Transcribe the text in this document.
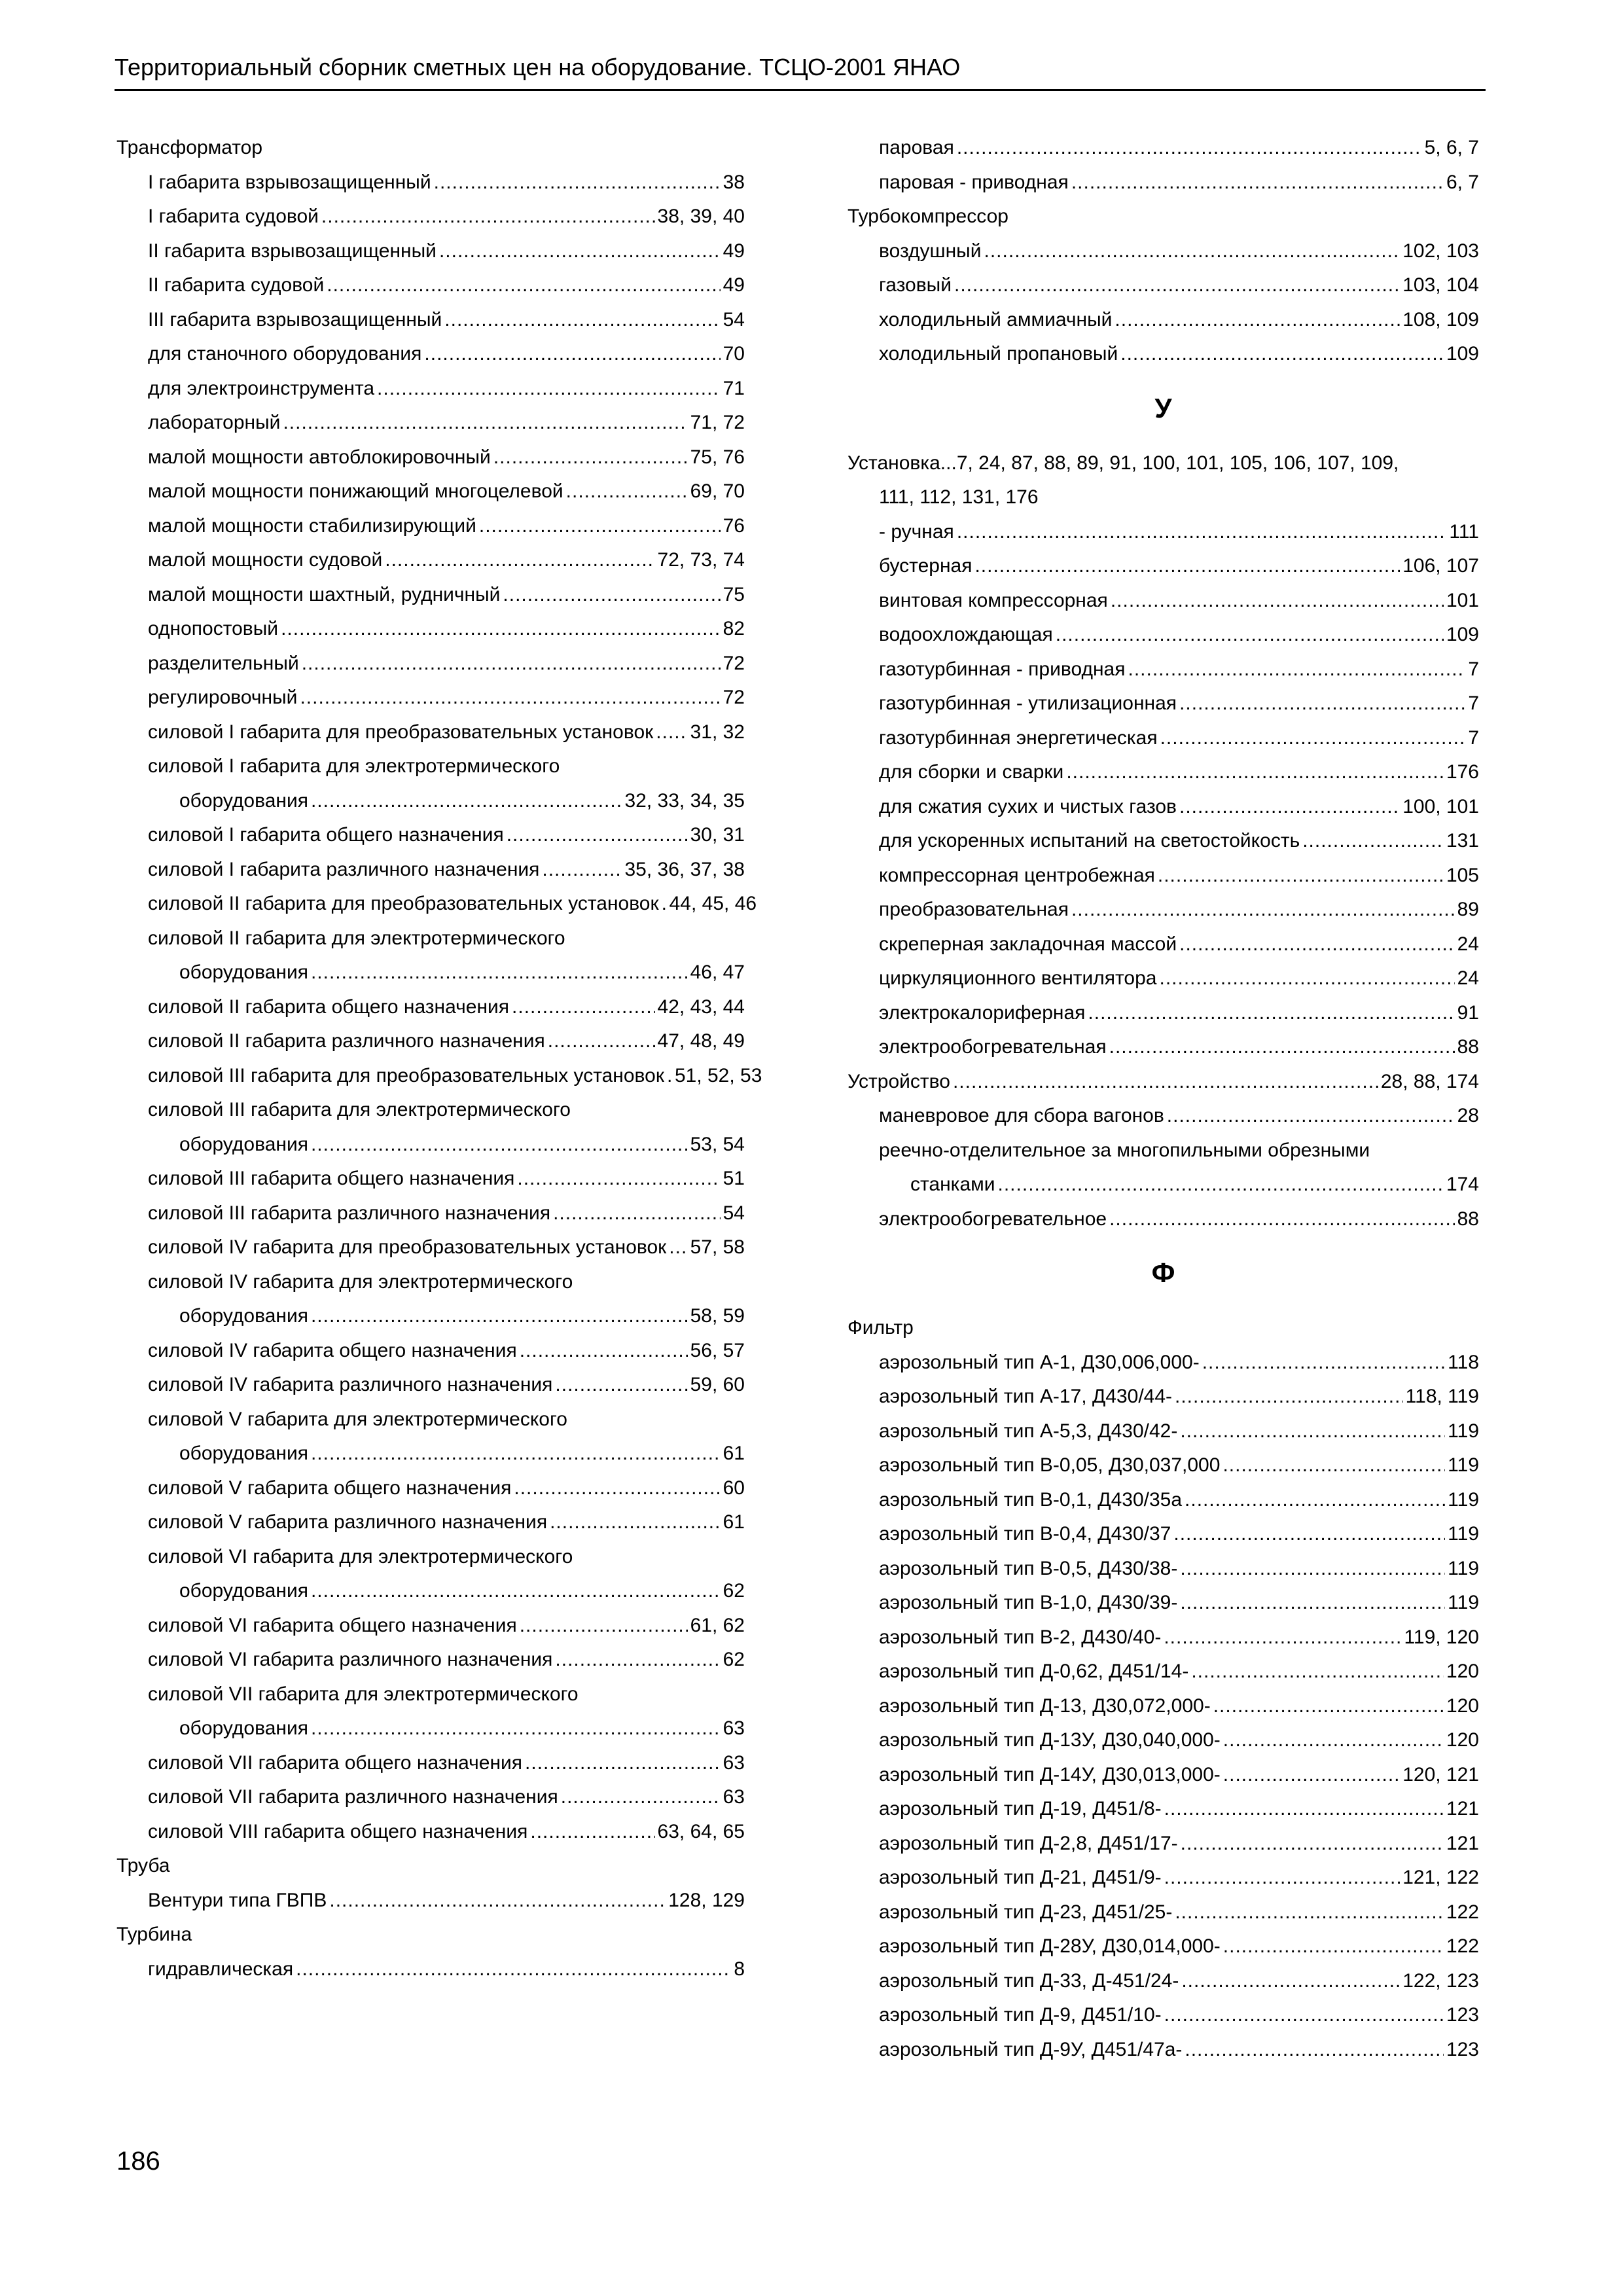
Территориальный сборник сметных цен на оборудование. ТСЦО-2001 ЯНАО
Трансформатор
I габарита взрывозащищенный .....	38
I габарита судовой .....	38, 39, 40
II габарита взрывозащищенный .....	49
II габарита судовой .....	49
III габарита взрывозащищенный .....	54
для станочного оборудования .....	70
для электроинструмента .....	71
лабораторный .....	71, 72
малой мощности автоблокировочный .....	75, 76
малой мощности понижающий многоцелевой .....	69, 70
малой мощности стабилизирующий .....	76
малой мощности судовой .....	72, 73, 74
малой мощности шахтный, рудничный .....	75
однопостовый .....	82
разделительный .....	72
регулировочный .....	72
силовой I габарита для преобразовательных установок ..... 31, 32
силовой I габарита для электротермического
оборудования .....	32, 33, 34, 35
силовой I габарита общего назначения .....	30, 31
силовой I габарита различного назначения .....	35, 36, 37, 38
силовой II габарита для преобразовательных установок ..... 44, 45, 46
силовой II габарита для электротермического
оборудования .....	46, 47
силовой II габарита общего назначения .....	42, 43, 44
силовой II габарита различного назначения .....	47, 48, 49
силовой III габарита для преобразовательных установок ..... 51, 52, 53
силовой III габарита для электротермического
оборудования .....	53, 54
силовой III габарита общего назначения .....	51
силовой III габарита различного назначения .....	54
силовой IV габарита для преобразовательных установок ..... 57, 58
силовой IV габарита для электротермического
оборудования .....	58, 59
силовой IV габарита общего назначения .....	56, 57
силовой IV габарита различного назначения .....	59, 60
силовой V габарита для электротермического
оборудования .....	61
силовой V габарита общего назначения .....	60
силовой V габарита различного назначения .....	61
силовой VI габарита для электротермического
оборудования .....	62
силовой VI габарита общего назначения .....	61, 62
силовой VI габарита различного назначения .....	62
силовой VII габарита для электротермического
оборудования .....	63
силовой VII габарита общего назначения .....	63
силовой VII габарита различного назначения .....	63
силовой VIII габарита общего назначения .....	63, 64, 65
Труба
Вентури типа ГВПВ .....	128, 129
Турбина
гидравлическая .....	8
паровая .....	5, 6, 7
паровая - приводная .....	6, 7
Турбокомпрессор
воздушный .....	102, 103
газовый .....	103, 104
холодильный аммиачный .....	108, 109
холодильный пропановый .....	109
У
Установка ... 7, 24, 87, 88, 89, 91, 100, 101, 105, 106, 107, 109,
111, 112, 131, 176
- ручная .....	111
бустерная .....	106, 107
винтовая компрессорная .....	101
водоохлождающая .....	109
газотурбинная - приводная .....	7
газотурбинная - утилизационная .....	7
газотурбинная энергетическая .....	7
для сборки и сварки .....	176
для сжатия сухих и чистых газов .....	100, 101
для ускоренных испытаний на светостойкость .....	131
компрессорная центробежная .....	105
преобразовательная .....	89
скреперная закладочная массой .....	24
циркуляционного вентилятора .....	24
электрокалориферная .....	91
электрообогревательная .....	88
Устройство .....	28, 88, 174
маневровое для сбора вагонов .....	28
реечно-отделительное за многопильными обрезными
станками .....	174
электрообогревательное .....	88
Ф
Фильтр
аэрозольный тип А-1, Д30,006,000- .....	118
аэрозольный тип А-17, Д430/44- .....	118, 119
аэрозольный тип А-5,3, Д430/42- .....	119
аэрозольный тип В-0,05, Д30,037,000 .....	119
аэрозольный тип В-0,1, Д430/35а .....	119
аэрозольный тип В-0,4, Д430/37 .....	119
аэрозольный тип В-0,5, Д430/38- .....	119
аэрозольный тип В-1,0, Д430/39- .....	119
аэрозольный тип В-2, Д430/40- .....	119, 120
аэрозольный тип Д-0,62, Д451/14- .....	120
аэрозольный тип Д-13, Д30,072,000- .....	120
аэрозольный тип Д-13У, Д30,040,000- .....	120
аэрозольный тип Д-14У, Д30,013,000- .....	120, 121
аэрозольный тип Д-19, Д451/8- .....	121
аэрозольный тип Д-2,8, Д451/17- .....	121
аэрозольный тип Д-21, Д451/9- .....	121, 122
аэрозольный тип Д-23, Д451/25- .....	122
аэрозольный тип Д-28У, Д30,014,000- .....	122
аэрозольный тип Д-33, Д-451/24- .....	122, 123
аэрозольный тип Д-9, Д451/10- .....	123
аэрозольный тип Д-9У, Д451/47а- .....	123
186
